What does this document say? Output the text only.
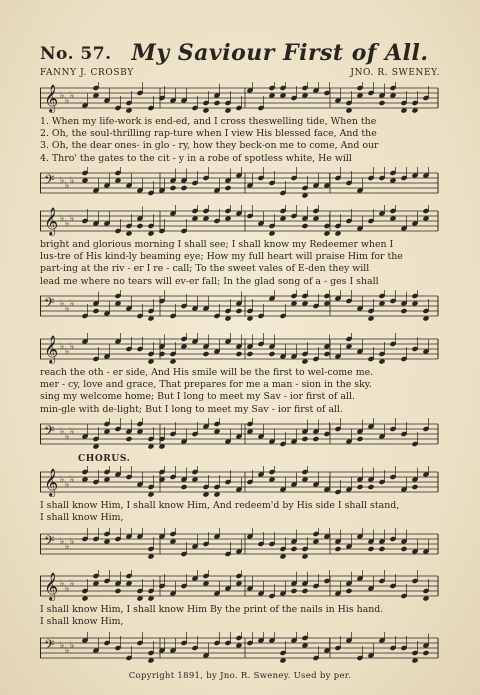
No. 57. My Saviour First of All.
FANNY J. CROSBY	JNO. R. SWENEY.
CHORUS.
𝄞 ♭ ♭ ♭
1. When my life-work is end-ed, and I cross theswelling tide, When the
2. Oh, the soul-thrilling rap-ture when I view His blessed face, And the
3. Oh, the dear ones- in glo - ry, how they beck-on me to come, And our
4. Thro' the gates to the cit - y in a robe of spotless white, He will
𝄢 ♭ ♭ ♭
𝄞 ♭ ♭ ♭
bright and glorious morning I shall see; I shall know my Redeemer when I
lus-tre of His kind-ly beaming eye; How my full heart will praise Him for the
part-ing at the riv - er I re - call; To the sweet vales of E-den they will
lead me where no tears will ev-er fall; In the glad song of a - ges I shall
𝄢 ♭ ♭ ♭
𝄞 ♭ ♭ ♭
reach the oth - er side, And His smile will be the first to wel-come me.
mer - cy, love and grace, That prepares for me a man - sion in the sky.
sing my welcome home; But I long to meet my Sav - ior first of all.
min-gle with de-light; But I long to meet my Sav - ior first of all.
𝄢 ♭ ♭ ♭
𝄞 ♭ ♭ ♭
I shall know Him, I shall know Him, And redeem'd by His side I shall stand,
I shall know Him,
𝄢 ♭ ♭ ♭
𝄞 ♭ ♭ ♭
I shall know Him, I shall know Him By the print of the nails in His hand.
I shall know Him,
𝄢 ♭ ♭ ♭
Copyright 1891, by Jno. R. Sweney. Used by per.
